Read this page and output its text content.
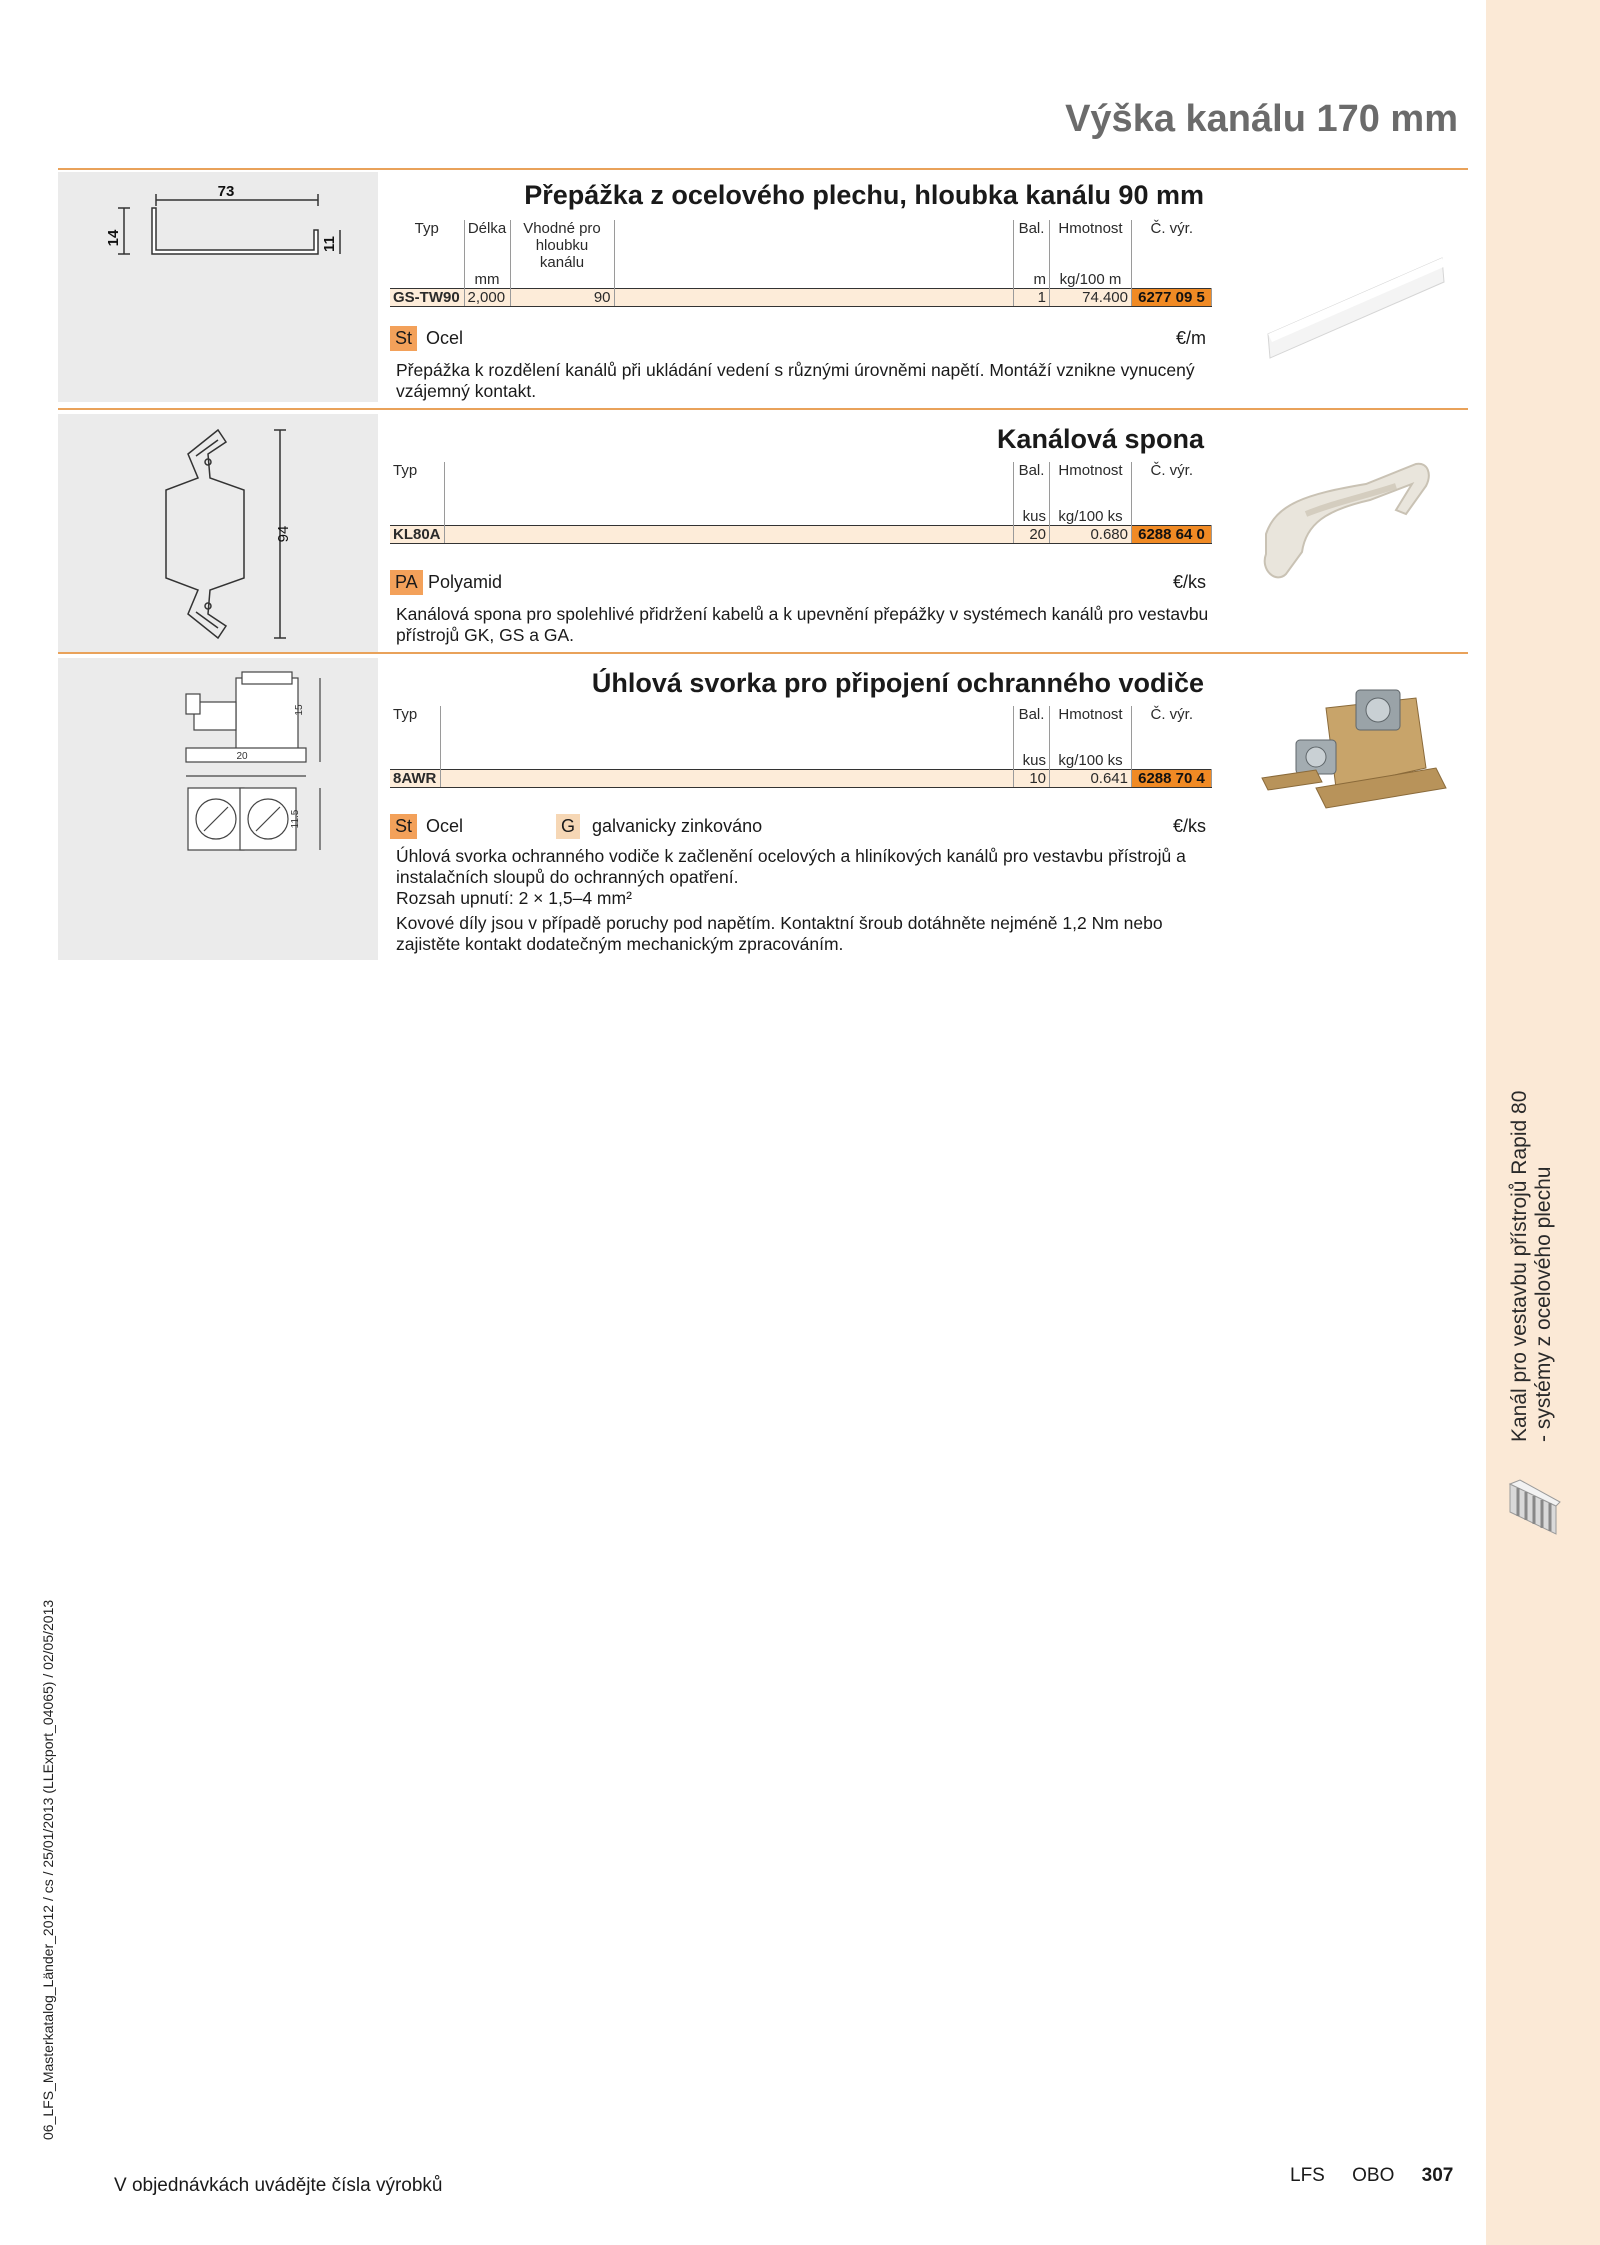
Kanál pro vestavbu přístrojů Rapid 80 - systémy z ocelového plechu
Výška kanálu 170 mm
73
14	11
Přepážka z ocelového plechu, hloubka kanálu 90 mm
Typ	Délka	Vhodné pro hloubku kanálu		Bal.	Hmotnost	Č. výr.
	mm			m	kg/100 m	
GS-TW90	2,000	90		1	74.400	6277 09 5
St Ocel	€/m
Přepážka k rozdělení kanálů při ukládání vedení s různými úrovněmi napětí. Montáží vznikne vynucený vzájemný kontakt.
94
Kanálová spona
Typ		Bal.	Hmotnost	Č. výr.
		kus	kg/100 ks	
KL80A		20	0.680	6288 64 0
PA Polyamid	€/ks
Kanálová spona pro spolehlivé přidržení kabelů a k upevnění přepážky v systémech kanálů pro vestavbu přístrojů GK, GS a GA.
15
20
11.5
Úhlová svorka pro připojení ochranného vodiče
Typ		Bal.	Hmotnost	Č. výr.
		kus	kg/100 ks	
8AWR		10	0.641	6288 70 4
St Ocel	G galvanicky zinkováno	€/ks
Úhlová svorka ochranného vodiče k začlenění ocelových a hliníkových kanálů pro vestavbu přístrojů a instalačních sloupů do ochranných opatření.
Rozsah upnutí: 2 × 1,5–4 mm²
Kovové díly jsou v případě poruchy pod napětím. Kontaktní šroub dotáhněte nejméně 1,2 Nm nebo zajistěte kontakt dodatečným mechanickým zpracováním.
06_LFS_Masterkatalog_Länder_2012 / cs / 25/01/2013 (LLExport_04065) / 02/05/2013
V objednávkách uvádějte čísla výrobků	LFS OBO 307
